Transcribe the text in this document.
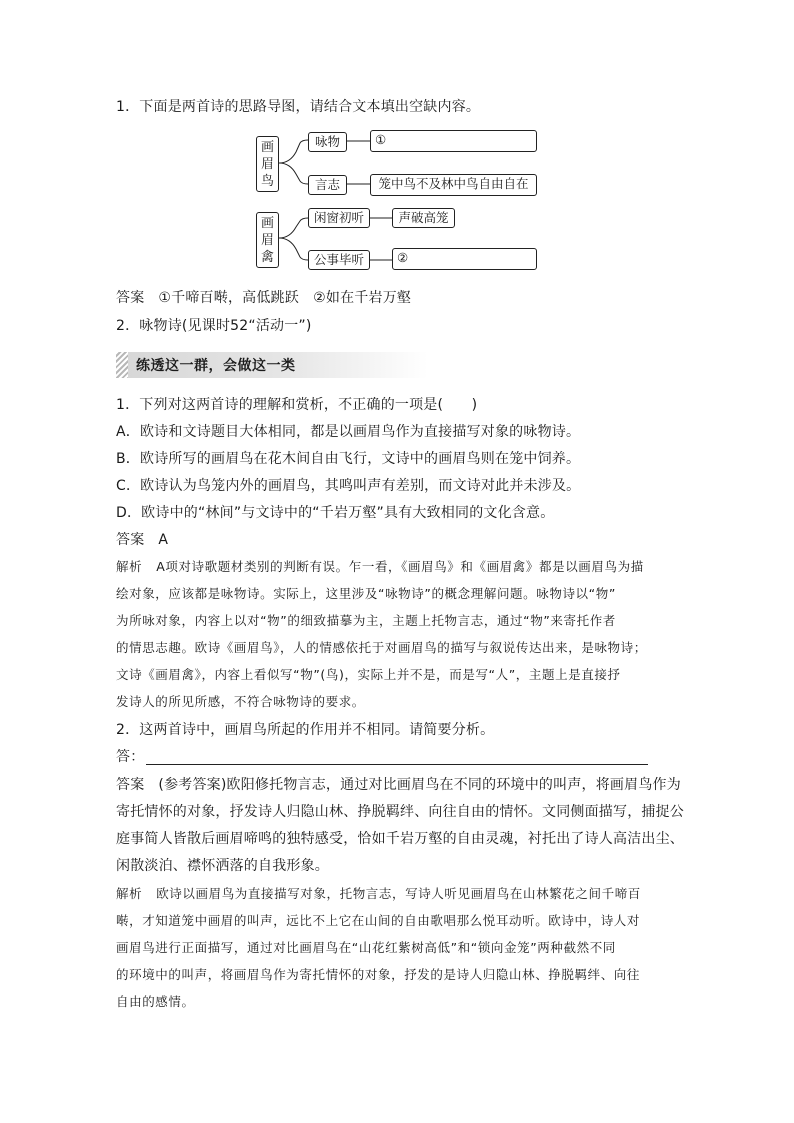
1．下面是两首诗的思路导图，请结合文本填出空缺内容。
画
眉
鸟
咏物	①
言志	笼中鸟不及林中鸟自由自在
画
眉
禽
闲窗初听	声破高笼
公事毕听	②
答案 ①千啼百啭，高低跳跃　②如在千岩万壑
2．咏物诗(见课时52“活动一”)
练透这一群，会做这一类
1．下列对这两首诗的理解和赏析，不正确的一项是(　　)
A．欧诗和文诗题目大体相同，都是以画眉鸟作为直接描写对象的咏物诗。
B．欧诗所写的画眉鸟在花木间自由飞行，文诗中的画眉鸟则在笼中饲养。
C．欧诗认为鸟笼内外的画眉鸟，其鸣叫声有差别，而文诗对此并未涉及。
D．欧诗中的“林间”与文诗中的“千岩万壑”具有大致相同的文化含意。
答案 A
解析 A项对诗歌题材类别的判断有误。乍一看，《画眉鸟》和《画眉禽》都是以画眉鸟为描
绘对象，应该都是咏物诗。实际上，这里涉及“咏物诗”的概念理解问题。咏物诗以“物”
为所咏对象，内容上以对“物”的细致描摹为主，主题上托物言志，通过“物”来寄托作者
的情思志趣。欧诗《画眉鸟》，人的情感依托于对画眉鸟的描写与叙说传达出来，是咏物诗；
文诗《画眉禽》，内容上看似写“物”(鸟)，实际上并不是，而是写“人”，主题上是直接抒
发诗人的所见所感，不符合咏物诗的要求。
2．这两首诗中，画眉鸟所起的作用并不相同。请简要分析。
答：
答案 (参考答案)欧阳修托物言志，通过对比画眉鸟在不同的环境中的叫声，将画眉鸟作为
寄托情怀的对象，抒发诗人归隐山林、挣脱羁绊、向往自由的情怀。文同侧面描写，捕捉公
庭事简人皆散后画眉啼鸣的独特感受，恰如千岩万壑的自由灵魂，衬托出了诗人高洁出尘、
闲散淡泊、襟怀洒落的自我形象。
解析 欧诗以画眉鸟为直接描写对象，托物言志，写诗人听见画眉鸟在山林繁花之间千啼百
啭，才知道笼中画眉的叫声，远比不上它在山间的自由歌唱那么悦耳动听。欧诗中，诗人对
画眉鸟进行正面描写，通过对比画眉鸟在“山花红紫树高低”和“锁向金笼”两种截然不同
的环境中的叫声，将画眉鸟作为寄托情怀的对象，抒发的是诗人归隐山林、挣脱羁绊、向往
自由的感情。
